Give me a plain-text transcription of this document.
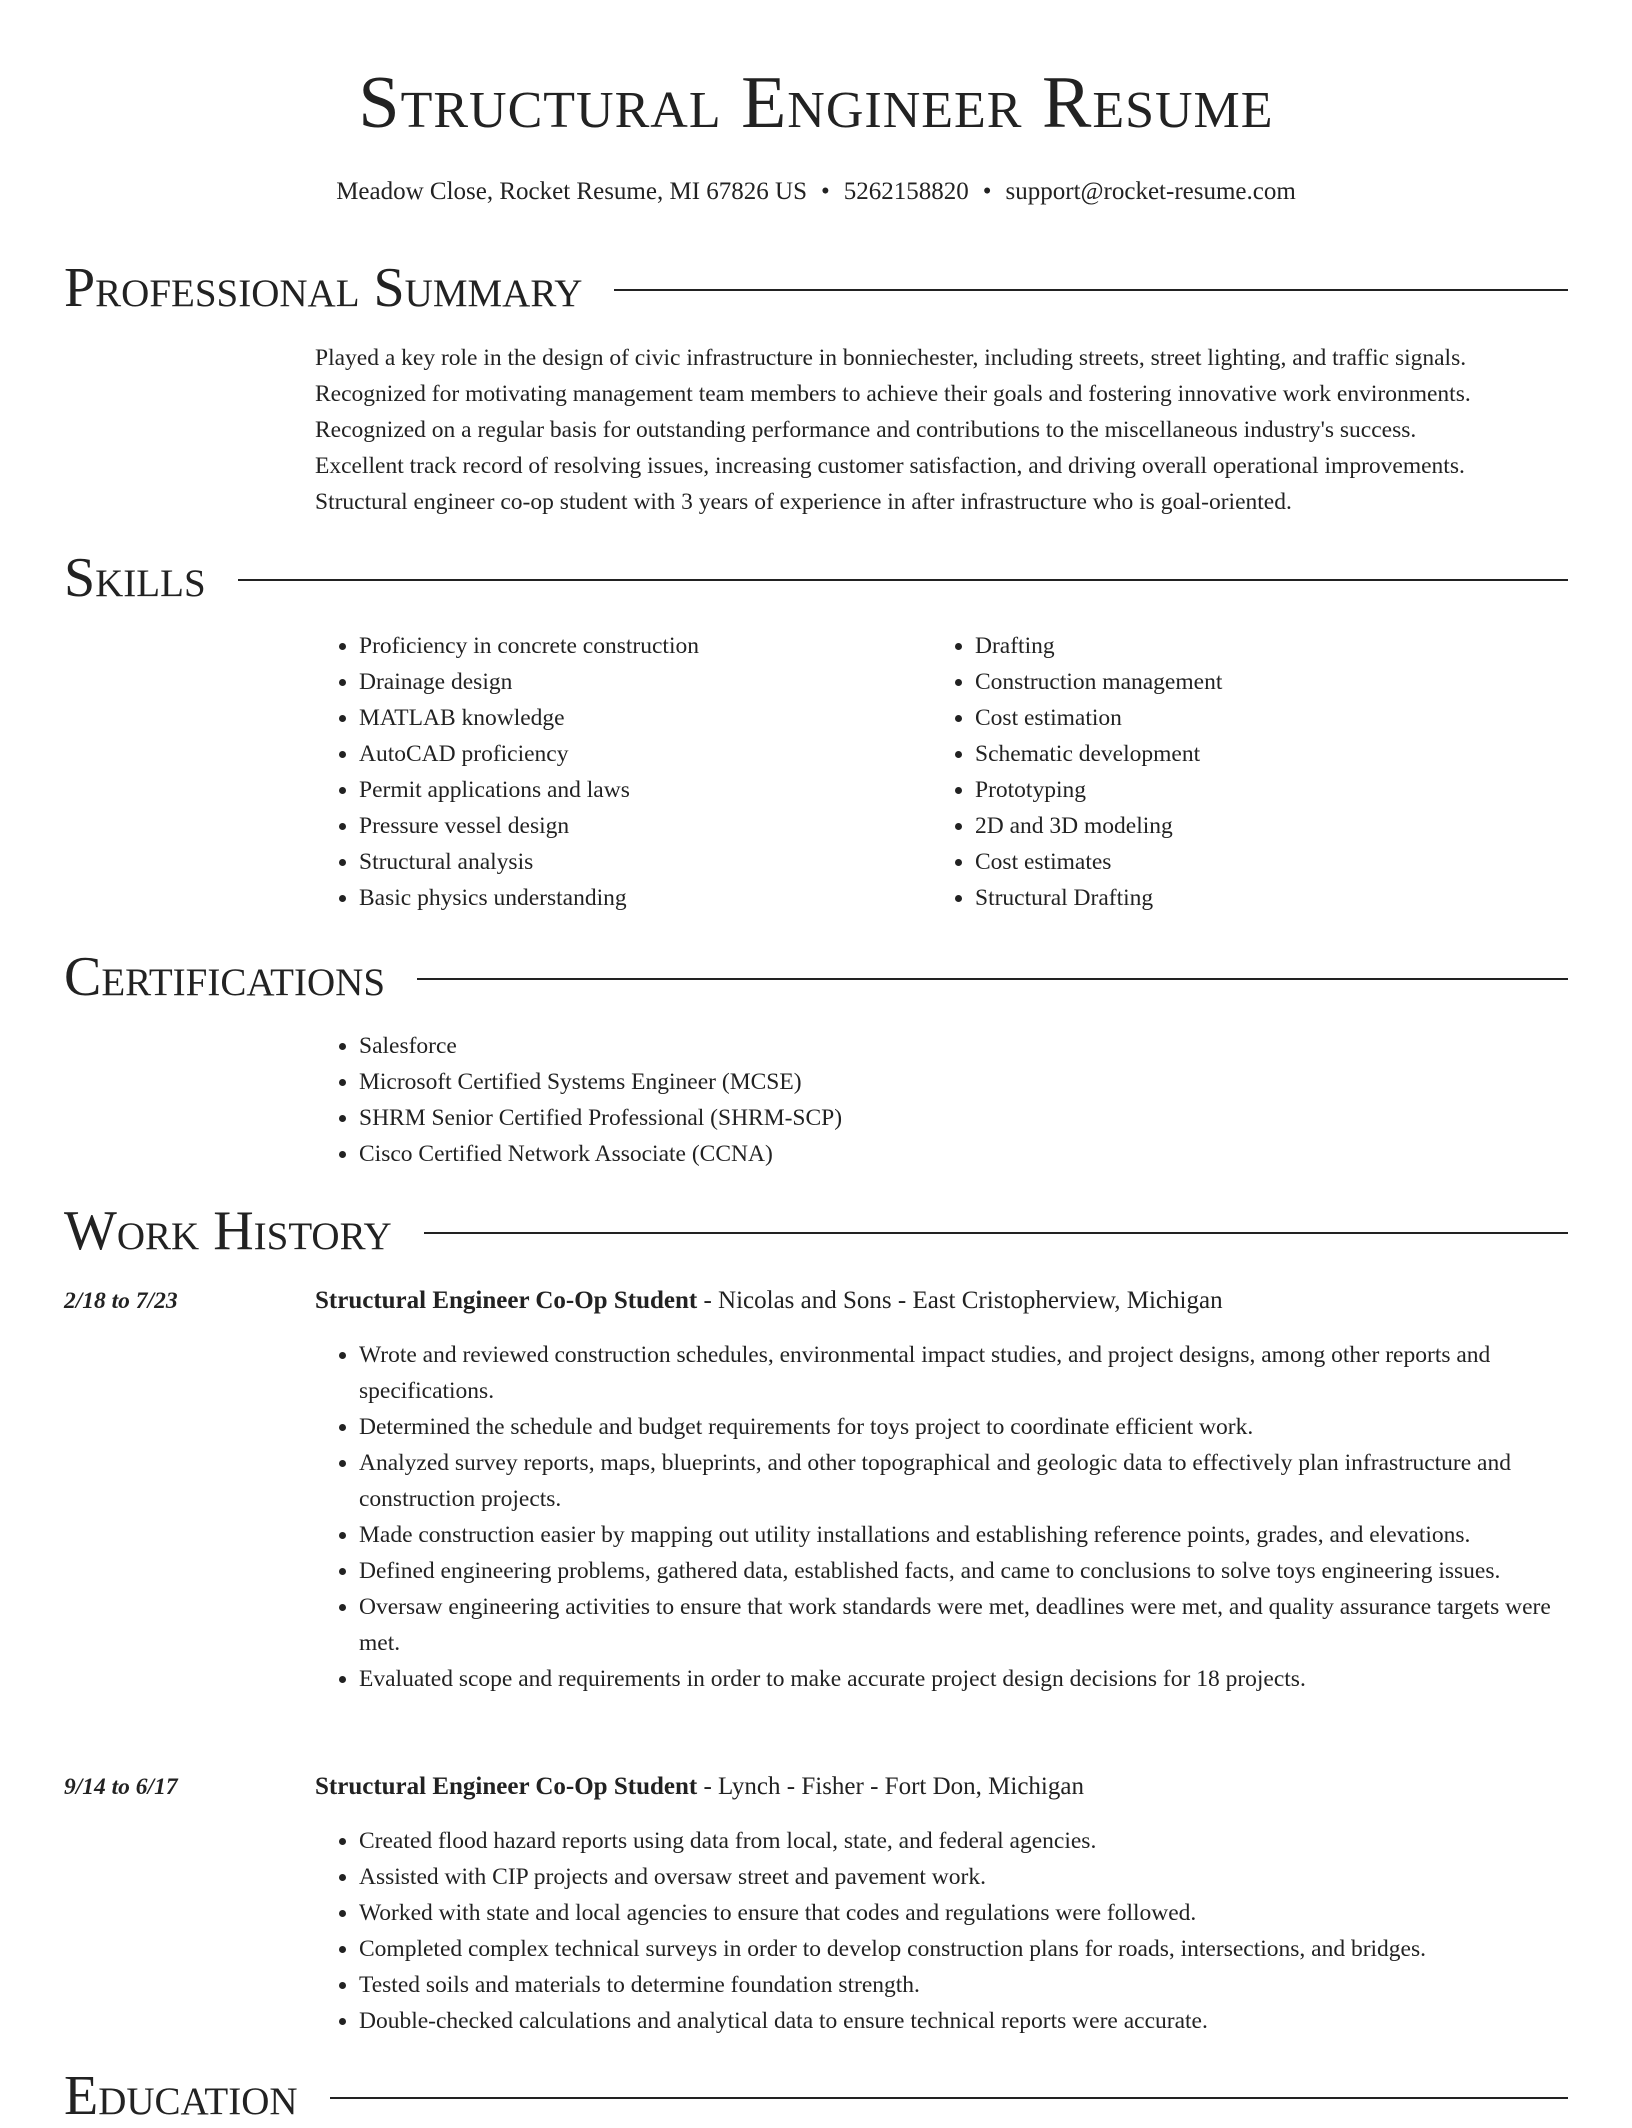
Structural Engineer Resume
Meadow Close, Rocket Resume, MI 67826 US • 5262158820 • support@rocket-resume.com
Professional Summary
Played a key role in the design of civic infrastructure in bonniechester, including streets, street lighting, and traffic signals.
Recognized for motivating management team members to achieve their goals and fostering innovative work environments.
Recognized on a regular basis for outstanding performance and contributions to the miscellaneous industry's success.
Excellent track record of resolving issues, increasing customer satisfaction, and driving overall operational improvements.
Structural engineer co-op student with 3 years of experience in after infrastructure who is goal-oriented.
Skills
• Proficiency in concrete construction
• Drainage design
• MATLAB knowledge
• AutoCAD proficiency
• Permit applications and laws
• Pressure vessel design
• Structural analysis
• Basic physics understanding
• Drafting
• Construction management
• Cost estimation
• Schematic development
• Prototyping
• 2D and 3D modeling
• Cost estimates
• Structural Drafting
Certifications
• Salesforce
• Microsoft Certified Systems Engineer (MCSE)
• SHRM Senior Certified Professional (SHRM-SCP)
• Cisco Certified Network Associate (CCNA)
Work History
2/18 to 7/23	Structural Engineer Co-Op Student - Nicolas and Sons - East Cristopherview, Michigan
• Wrote and reviewed construction schedules, environmental impact studies, and project designs, among other reports and specifications.
• Determined the schedule and budget requirements for toys project to coordinate efficient work.
• Analyzed survey reports, maps, blueprints, and other topographical and geologic data to effectively plan infrastructure and construction projects.
• Made construction easier by mapping out utility installations and establishing reference points, grades, and elevations.
• Defined engineering problems, gathered data, established facts, and came to conclusions to solve toys engineering issues.
• Oversaw engineering activities to ensure that work standards were met, deadlines were met, and quality assurance targets were met.
• Evaluated scope and requirements in order to make accurate project design decisions for 18 projects.
9/14 to 6/17	Structural Engineer Co-Op Student - Lynch - Fisher - Fort Don, Michigan
• Created flood hazard reports using data from local, state, and federal agencies.
• Assisted with CIP projects and oversaw street and pavement work.
• Worked with state and local agencies to ensure that codes and regulations were followed.
• Completed complex technical surveys in order to develop construction plans for roads, intersections, and bridges.
• Tested soils and materials to determine foundation strength.
• Double-checked calculations and analytical data to ensure technical reports were accurate.
Education
